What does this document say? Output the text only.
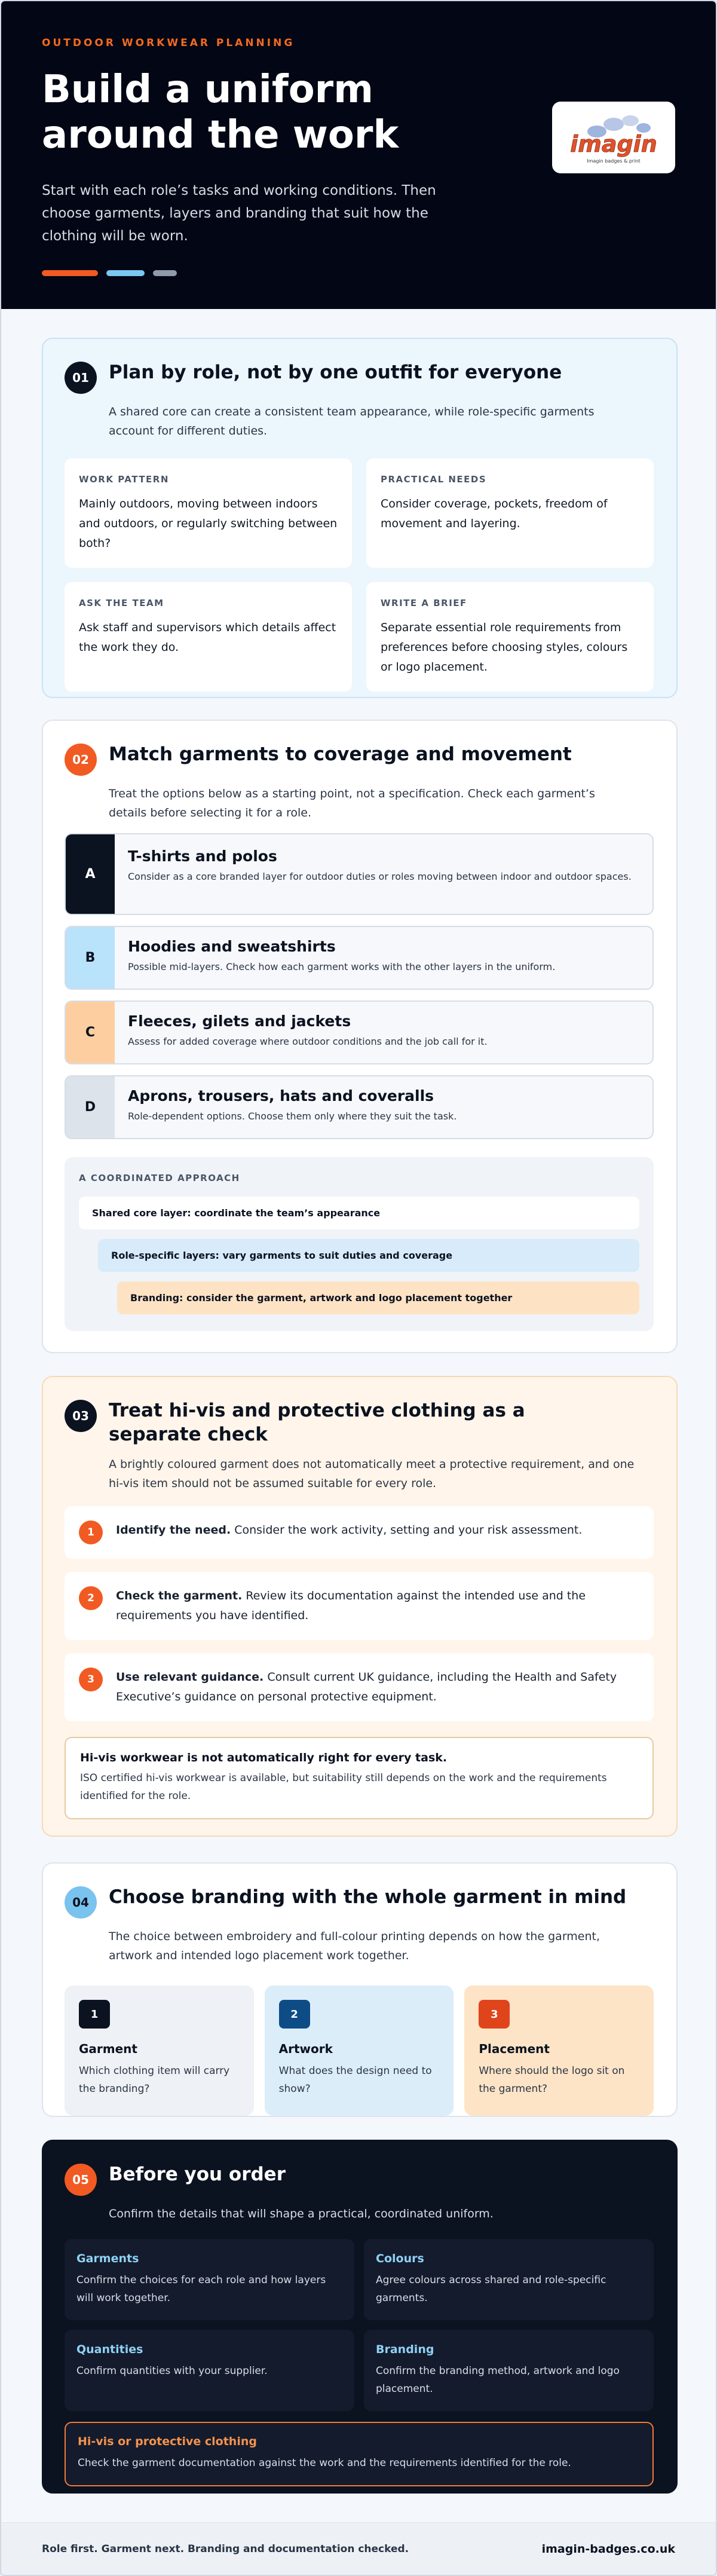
OUTDOOR WORKWEAR PLANNING
Build a uniform around the work

Start with each role’s tasks and working conditions. Then choose garments, layers and branding that suit how the clothing will be worn.

imagin
Imagin badges & print
01	Plan by role, not by one outfit for everyone
A shared core can create a consistent team appearance, while role-specific garments account for different duties.
WORK PATTERN
Mainly outdoors, moving between indoors and outdoors, or regularly switching between both?
PRACTICAL NEEDS
Consider coverage, pockets, freedom of movement and layering.
ASK THE TEAM
Ask staff and supervisors which details affect the work they do.
WRITE A BRIEF
Separate essential role requirements from preferences before choosing styles, colours or logo placement.
02	Match garments to coverage and movement
Treat the options below as a starting point, not a specification. Check each garment’s details before selecting it for a role.
A
T-shirts and polos
Consider as a core branded layer for outdoor duties or roles moving between indoor and outdoor spaces.
B
Hoodies and sweatshirts
Possible mid-layers. Check how each garment works with the other layers in the uniform.
C
Fleeces, gilets and jackets
Assess for added coverage where outdoor conditions and the job call for it.
D
Aprons, trousers, hats and coveralls
Role-dependent options. Choose them only where they suit the task.
A COORDINATED APPROACH
Shared core layer: coordinate the team’s appearance
Role-specific layers: vary garments to suit duties and coverage
Branding: consider the garment, artwork and logo placement together
03	Treat hi-vis and protective clothing as a separate check
A brightly coloured garment does not automatically meet a protective requirement, and one hi-vis item should not be assumed suitable for every role.
1	Identify the need. Consider the work activity, setting and your risk assessment.
2	Check the garment. Review its documentation against the intended use and the requirements you have identified.
3	Use relevant guidance. Consult current UK guidance, including the Health and Safety Executive’s guidance on personal protective equipment.
Hi-vis workwear is not automatically right for every task.
ISO certified hi-vis workwear is available, but suitability still depends on the work and the requirements identified for the role.
04	Choose branding with the whole garment in mind
The choice between embroidery and full-colour printing depends on how the garment, artwork and intended logo placement work together.
1
Garment
Which clothing item will carry the branding?
2
Artwork
What does the design need to show?
3
Placement
Where should the logo sit on the garment?
05	Before you order
Confirm the details that will shape a practical, coordinated uniform.
Garments
Confirm the choices for each role and how layers will work together.
Colours
Agree colours across shared and role-specific garments.
Quantities
Confirm quantities with your supplier.
Branding
Confirm the branding method, artwork and logo placement.
Hi-vis or protective clothing
Check the garment documentation against the work and the requirements identified for the role.
Role first. Garment next. Branding and documentation checked.	imagin-badges.co.uk
